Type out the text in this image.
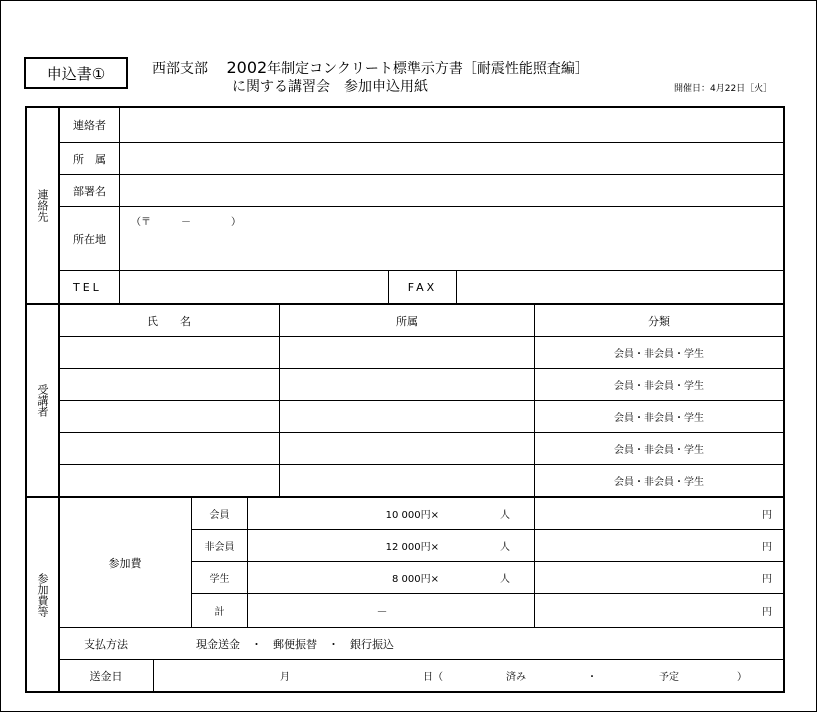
申込書①	西部支部　 2002年制定コンクリート標準示方書［耐震性能照査編］
に関する講習会　参加申込用紙	開催日：4月22日［火］
連絡先
連絡者
所　属
部署名
所在地
（〒　　　－　　　　）
TEL	FAX
受講者
氏　　名	所属	分類
会員・非会員・学生
会員・非会員・学生
会員・非会員・学生
会員・非会員・学生
会員・非会員・学生
参加費等
参加費
会員	10 000円×	人	円
非会員	12 000円×	人	円
学生	8 000円×	人	円
計	－	円
支払方法	現金送金　・　郵便振替　・　銀行振込
送金日	月	日（	済み	・	予定	）
